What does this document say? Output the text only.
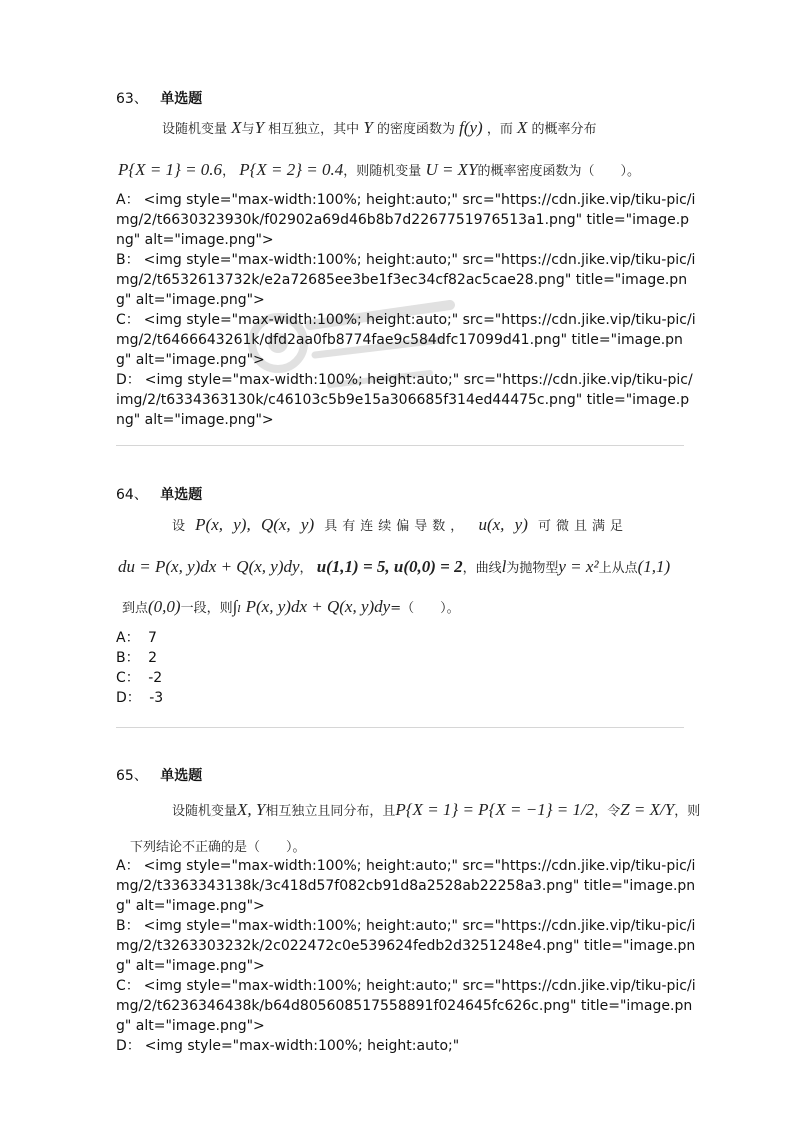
63、 单选题
设随机变量 X与Y 相互独立，其中 Y 的密度函数为 f(y) ，而 X 的概率分布
P{X = 1} = 0.6， P{X = 2} = 0.4，则随机变量 U = XY的概率密度函数为（　　）。
A： <img style="max-width:100%; height:auto;" src="https://cdn.jike.vip/tiku-pic/img/2/t6630323930k/f02902a69d46b8b7d2267751976513a1.png" title="image.png" alt="image.png">
B： <img style="max-width:100%; height:auto;" src="https://cdn.jike.vip/tiku-pic/img/2/t6532613732k/e2a72685ee3be1f3ec34cf82ac5cae28.png" title="image.png" alt="image.png">
C： <img style="max-width:100%; height:auto;" src="https://cdn.jike.vip/tiku-pic/img/2/t6466643261k/dfd2aa0fb8774fae9c584dfc17099d41.png" title="image.png" alt="image.png">
D： <img style="max-width:100%; height:auto;" src="https://cdn.jike.vip/tiku-pic/img/2/t6334363130k/c46103c5b9e15a306685f314ed44475c.png" title="image.png" alt="image.png">
64、 单选题
设 P(x, y), Q(x, y) 具有连续偏导数， u(x, y) 可微且满足
du = P(x, y)dx + Q(x, y)dy， u(1,1) = 5, u(0,0) = 2，曲线l为抛物型y = x²上从点(1,1)
到点(0,0)一段，则∫ₗ P(x, y)dx + Q(x, y)dy=（　　）。
A： 7
B： 2
C： -2
D： -3
65、 单选题
设随机变量X, Y相互独立且同分布，且P{X = 1} = P{X = −1} = 1/2，令Z = X/Y，则
下列结论不正确的是（　　）。
A： <img style="max-width:100%; height:auto;" src="https://cdn.jike.vip/tiku-pic/img/2/t3363343138k/3c418d57f082cb91d8a2528ab22258a3.png" title="image.png" alt="image.png">
B： <img style="max-width:100%; height:auto;" src="https://cdn.jike.vip/tiku-pic/img/2/t3263303232k/2c022472c0e539624fedb2d3251248e4.png" title="image.png" alt="image.png">
C： <img style="max-width:100%; height:auto;" src="https://cdn.jike.vip/tiku-pic/img/2/t6236346438k/b64d805608517558891f024645fc626c.png" title="image.png" alt="image.png">
D： <img style="max-width:100%; height:auto;"
